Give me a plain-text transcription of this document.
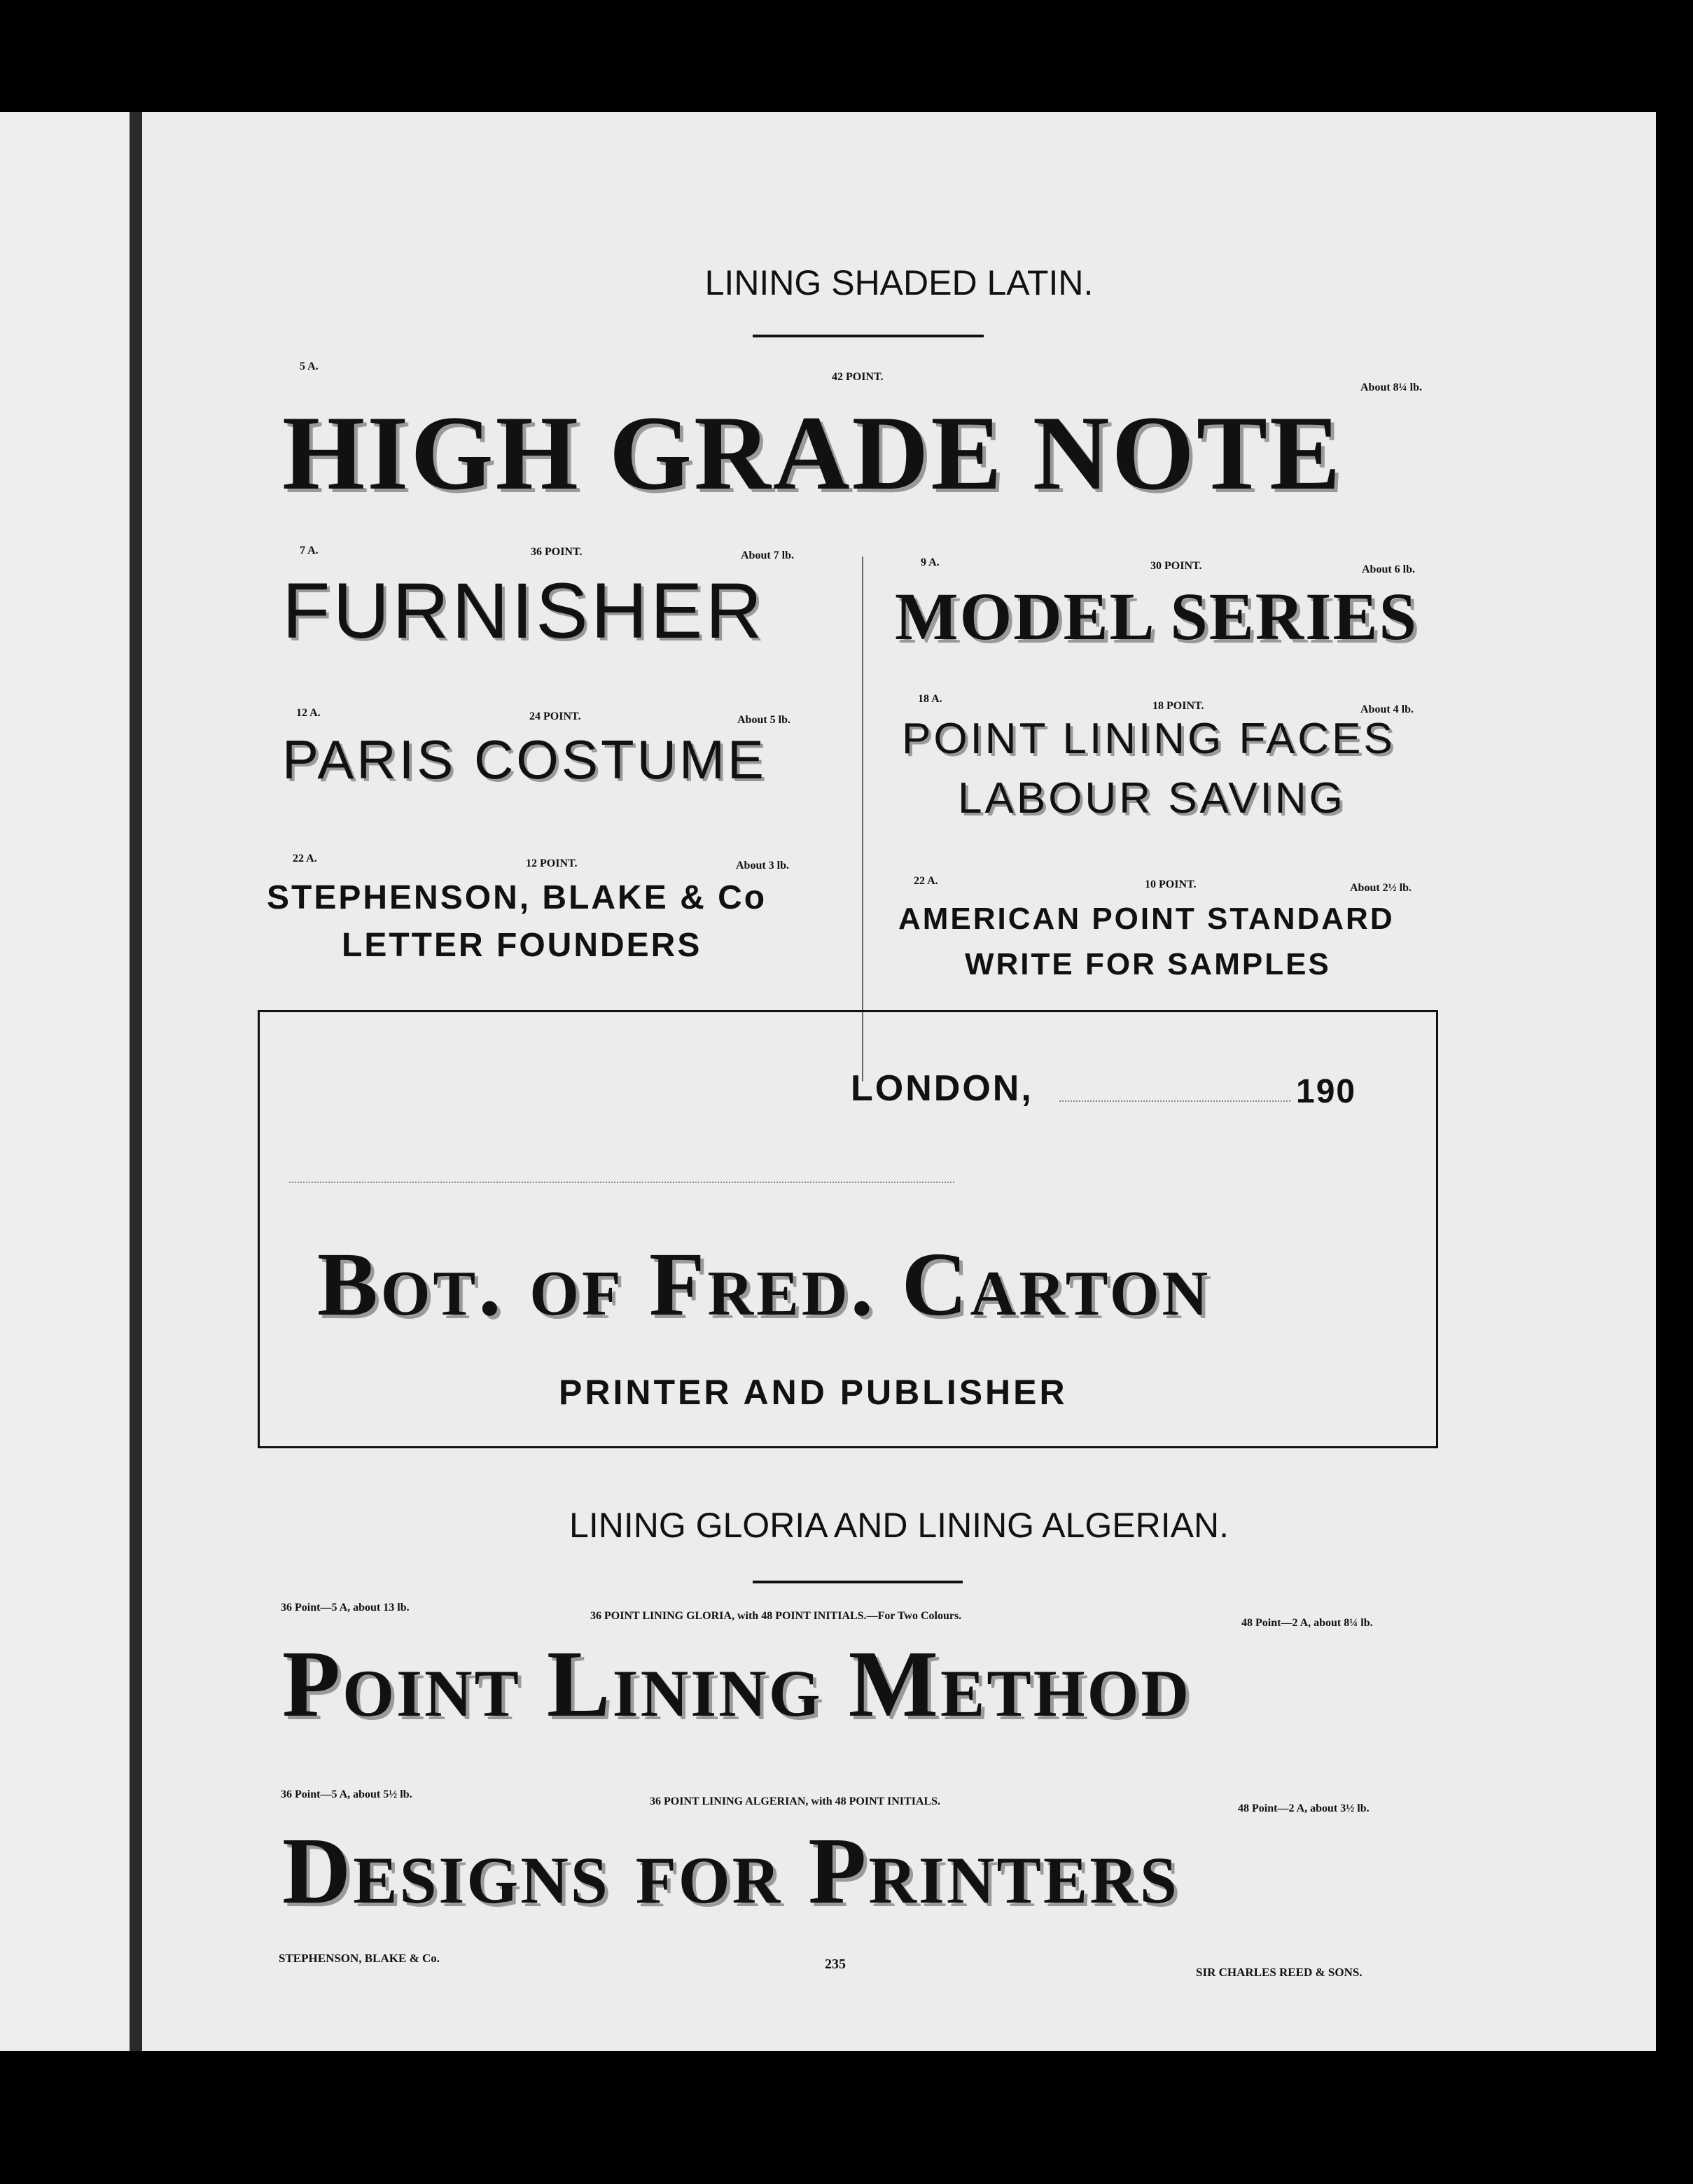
LINING SHADED LATIN.
5 A.
42 POINT.
About 8¼ lb.
HIGH GRADE NOTE
7 A.	36 POINT.	About 7 lb.
FURNISHER
12 A.	24 POINT.	About 5 lb.
PARIS COSTUME
22 A.	12 POINT.	About 3 lb.
STEPHENSON, BLAKE & Co
LETTER FOUNDERS
9 A.	30 POINT.	About 6 lb.
MODEL SERIES
18 A.
18 POINT.	About 4 lb.
POINT LINING FACES
LABOUR SAVING
22 A.	10 POINT.	About 2½ lb.
AMERICAN POINT STANDARD
WRITE FOR SAMPLES
LONDON,	190
Bot. of Fred. Carton
PRINTER AND PUBLISHER
LINING GLORIA AND LINING ALGERIAN.
36 Point—5 A, about 13 lb.
36 POINT LINING GLORIA, with 48 POINT INITIALS.—For Two Colours.
48 Point—2 A, about 8¼ lb.
Point Lining Method
36 Point—5 A, about 5½ lb.
36 POINT LINING ALGERIAN, with 48 POINT INITIALS.
48 Point—2 A, about 3½ lb.
Designs for Printers
STEPHENSON, BLAKE & Co.	235
SIR CHARLES REED & SONS.
